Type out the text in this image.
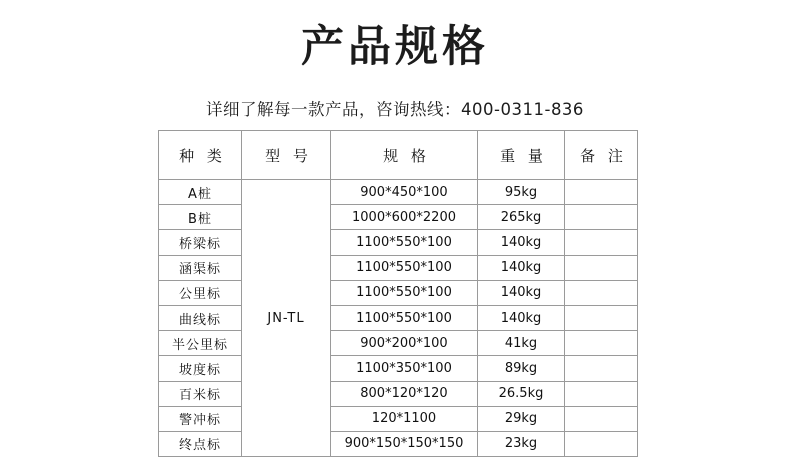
产品规格

详细了解每一款产品，咨询热线：400-0311-836

种 类	型 号	规 格	重 量	备 注
A桩	JN-TL	900*450*100	95kg	
B桩		1000*600*2200	265kg	
桥梁标		1100*550*100	140kg	
涵渠标		1100*550*100	140kg	
公里标		1100*550*100	140kg	
曲线标		1100*550*100	140kg	
半公里标		900*200*100	41kg	
坡度标		1100*350*100	89kg	
百米标		800*120*120	26.5kg	
警冲标		120*1100	29kg	
终点标		900*150*150*150	23kg	
